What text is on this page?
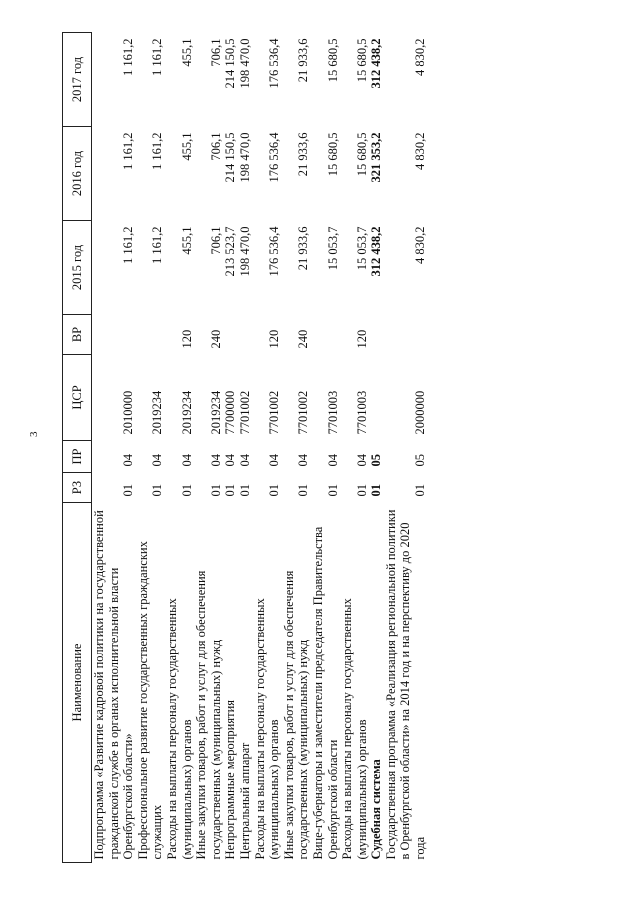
3
Наименование	РЗ	ПР	ЦСР	ВР	2015 год	2016 год	2017 год
Подпрограмма «Развитие кадровой политики на государственной гражданской службе в органах исполнительной власти Оренбургской области»	01	04	2010000		1 161,2	1 161,2	1 161,2
Профессиональное развитие государственных гражданских служащих	01	04	2019234		1 161,2	1 161,2	1 161,2
Расходы на выплаты персоналу государственных (муниципальных) органов	01	04	2019234	120	455,1	455,1	455,1
Иные закупки товаров, работ и услуг для обеспечения государственных (муниципальных) нужд	01	04	2019234	240	706,1	706,1	706,1
Непрограммные мероприятия	01	04	7700000		213 523,7	214 150,5	214 150,5
Центральный аппарат	01	04	7701002		198 470,0	198 470,0	198 470,0
Расходы на выплаты персоналу государственных (муниципальных) органов	01	04	7701002	120	176 536,4	176 536,4	176 536,4
Иные закупки товаров, работ и услуг для обеспечения государственных (муниципальных) нужд	01	04	7701002	240	21 933,6	21 933,6	21 933,6
Вице-губернаторы и заместители председателя Правительства Оренбургской области	01	04	7701003		15 053,7	15 680,5	15 680,5
Расходы на выплаты персоналу государственных (муниципальных) органов	01	04	7701003	120	15 053,7	15 680,5	15 680,5
Судебная система	01	05			312 438,2	321 353,2	312 438,2
Государственная программа «Реализация региональной политики в Оренбургской области» на 2014 год и на перспективу до 2020 года	01	05	2000000		4 830,2	4 830,2	4 830,2
